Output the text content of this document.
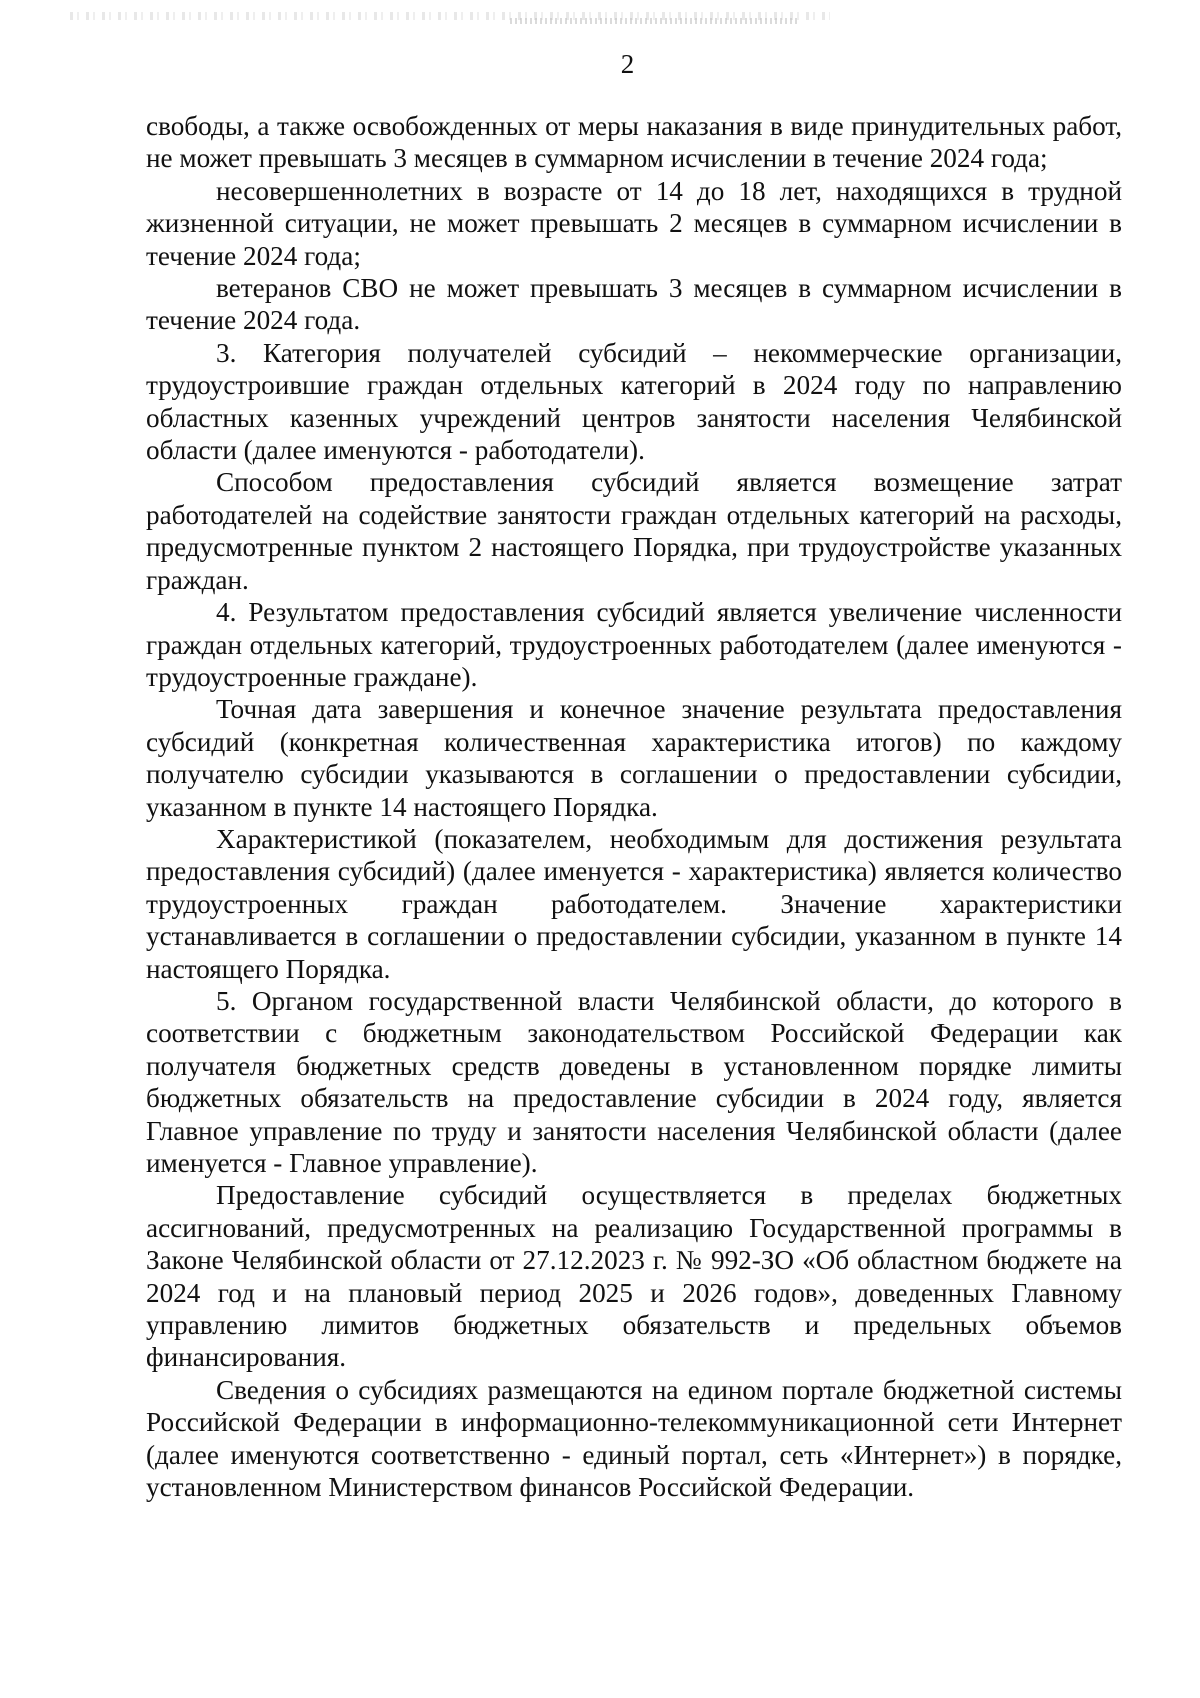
2

свободы, а также освобожденных от меры наказания в виде принудительных работ, не может превышать 3 месяцев в суммарном исчислении в течение 2024 года;

несовершеннолетних в возрасте от 14 до 18 лет, находящихся в трудной жизненной ситуации, не может превышать 2 месяцев в суммарном исчислении в течение 2024 года;

ветеранов СВО не может превышать 3 месяцев в суммарном исчислении в течение 2024 года.

3. Категория получателей субсидий – некоммерческие организации, трудоустроившие граждан отдельных категорий в 2024 году по направлению областных казенных учреждений центров занятости населения Челябинской области (далее именуются - работодатели).

Способом предоставления субсидий является возмещение затрат работодателей на содействие занятости граждан отдельных категорий на расходы, предусмотренные пунктом 2 настоящего Порядка, при трудоустройстве указанных граждан.

4. Результатом предоставления субсидий является увеличение численности граждан отдельных категорий, трудоустроенных работодателем (далее именуются - трудоустроенные граждане).

Точная дата завершения и конечное значение результата предоставления субсидий (конкретная количественная характеристика итогов) по каждому получателю субсидии указываются в соглашении о предоставлении субсидии, указанном в пункте 14 настоящего Порядка.

Характеристикой (показателем, необходимым для достижения результата предоставления субсидий) (далее именуется - характеристика) является количество трудоустроенных граждан работодателем. Значение характеристики устанавливается в соглашении о предоставлении субсидии, указанном в пункте 14 настоящего Порядка.

5. Органом государственной власти Челябинской области, до которого в соответствии с бюджетным законодательством Российской Федерации как получателя бюджетных средств доведены в установленном порядке лимиты бюджетных обязательств на предоставление субсидии в 2024 году, является Главное управление по труду и занятости населения Челябинской области (далее именуется - Главное управление).

Предоставление субсидий осуществляется в пределах бюджетных ассигнований, предусмотренных на реализацию Государственной программы в Законе Челябинской области от 27.12.2023 г. № 992-ЗО «Об областном бюджете на 2024 год и на плановый период 2025 и 2026 годов», доведенных Главному управлению лимитов бюджетных обязательств и предельных объемов финансирования.

Сведения о субсидиях размещаются на едином портале бюджетной системы Российской Федерации в информационно-телекоммуникационной сети Интернет (далее именуются соответственно - единый портал, сеть «Интернет») в порядке, установленном Министерством финансов Российской Федерации.
